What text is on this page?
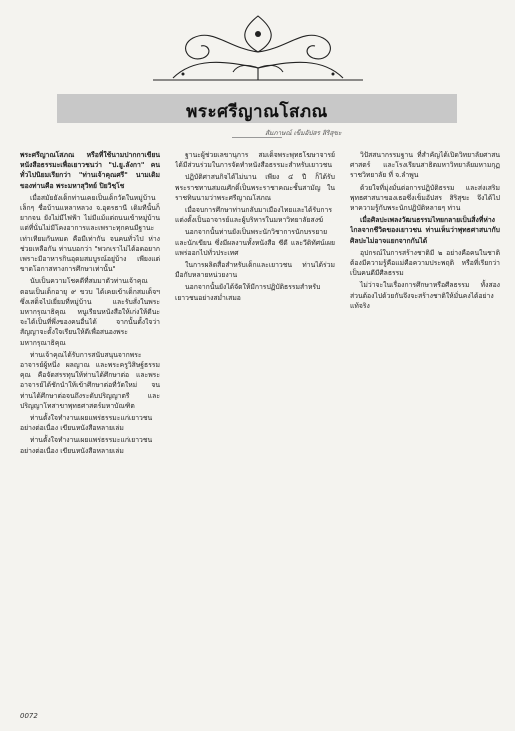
พระศรีญาณโสภณ
สัมภาษณ์ เข็มอัปสร สิริสุขะ

พระศรีญาณโสภณ หรือที่ใช้นามปากกาเขียนหนังสือธรรมะเพื่อเยาวชนว่า "ป.ยู.ลังกา" คนทั่วไปนิยมเรียกว่า "ท่านเจ้าคุณศรี" นามเดิมของท่านคือ พระมหาสุวิทย์ ปิยวิชฺโช

เมื่อสมัยยังเด็กท่านเคยเป็นเด็กวัดในหมู่บ้านเล็กๆ ชื่อบ้านแหลาหลวง จ.อุดรธานี เดิมทีนั้นก็ยากจน ยังไม่มีไฟฟ้า ไม่มีแม้แต่ถนนเข้าหมู่บ้าน แต่ที่นั่นไม่มีโคงอาการและเพราะทุกคนมีฐานะเท่าเทียมกันหมด คือมีเท่ากัน จนคนทั่วไป ห่างช่วยเหลือกัน ท่านบอกว่า "พวกเราไม่ได้อดอยาก เพราะมีอาหารกินอุดมสมบูรณ์อยู่บ้าง เพียงแต่ขาดโอกาสทางการศึกษาเท่านั้น"

นับเป็นความโชคดีที่สมมาตัวท่านเจ้าคุณตอนเป็นเด็กอายุ ๙ ขวบ ได้เคยเข้าเด็กสมเด็จฯ ซึ่งเสด็จไปเยี่ยมที่หมู่บ้าน และรับสั่งในพระมหากรุณาธิคุณ หนูเรียนหนังสือให้เก่งให้ดีนะ จะได้เป็นที่พึ่งของคนอื่นได้ จากนั้นตั้งใจว่า สัญญาจะตั้งใจเรียนให้ดีเพื่อสนองพระมหากรุณาธิคุณ

ท่านเจ้าคุณได้รับการสนับสนุนจากพระอาจารย์ผู้หนึ่ง ผลญาณ และพระครูวิสิษฐ์ธรรมคุณ คือจัดสรรทุนให้ท่านได้ศึกษาต่อ และพระอาจารย์ได้ชักนำให้เข้าศึกษาต่อที่วัดใหม่ จนท่านได้ศึกษาต่อจนถึงระดับปริญญาตรี และปริญญาโทสาขาพุทธศาสตร์มหาบัณฑิต

ท่านตั้งใจทำงานเผยแพร่ธรรมะแก่เยาวชนอย่างต่อเนื่อง เขียนหนังสือหลายเล่ม

ท่านตั้งใจทำงานเผยแพร่ธรรมะแก่เยาวชนอย่างต่อเนื่อง เขียนหนังสือหลายเล่ม

ฐานะผู้ช่วยเลขานุการ สมเด็จพระพุทธโฆษาจารย์ ได้มีส่วนร่วมในการจัดทำหนังสือธรรมะสำหรับเยาวชน

ปฏิบัติศาสนกิจได้ไม่นาน เพียง ๔ ปี ก็ได้รับพระราชทานสมณศักดิ์เป็นพระราชาคณะชั้นสามัญ ในราชทินนามว่าพระศรีญาณโสภณ

เมื่อจบการศึกษาท่านกลับมาเมืองไทยและได้รับการแต่งตั้งเป็นอาจารย์และผู้บริหารในมหาวิทยาลัยสงฆ์

นอกจากนั้นท่านยังเป็นพระนักวิชาการนักบรรยาย และนักเขียน ซึ่งมีผลงานทั้งหนังสือ ซีดี และวีดิทัศน์เผยแพร่ออกไปทั่วประเทศ

ในการผลิตสื่อสำหรับเด็กและเยาวชน ท่านได้ร่วมมือกับหลายหน่วยงาน

นอกจากนั้นยังได้จัดให้มีการปฏิบัติธรรมสำหรับเยาวชนอย่างสม่ำเสมอ

วิปัสสนากรรมฐาน ที่สำคัญได้เปิดวิทยาลัยศาสนศาสตร์ และโรงเรียนสาธิตมหาวิทยาลัยมหามกุฏราชวิทยาลัย ที่ จ.ลำพูน

ด้วยใจที่มุ่งมั่นต่อการปฏิบัติธรรม และส่งเสริมพุทธศาสนาของเธอซึ่งเข็มอัปสร สิริสุขะ จึงได้ไปหาความรู้กับพระนักปฏิบัติหลายๆ ท่าน

เมื่อศิลปะเพลงวัฒนธรรมไทยกลายเป็นสิ่งที่ห่างไกลจากชีวิตของเยาวชน ท่านเห็นว่าพุทธศาสนากับศิลปะไม่อาจแยกจากกันได้

อุปกรณ์ในการสร้างชาติมี ๒ อย่างคือคนในชาติต้องมีความรู้คือแม่คือความประพฤติ หรือที่เรียกว่า เป็นคนดีมีศีลธรรม

ไม่ว่าจะในเรื่องการศึกษาหรือศีลธรรม ทั้งสองส่วนต้องไปด้วยกันจึงจะสร้างชาติให้มั่นคงได้อย่างแท้จริง

0072
